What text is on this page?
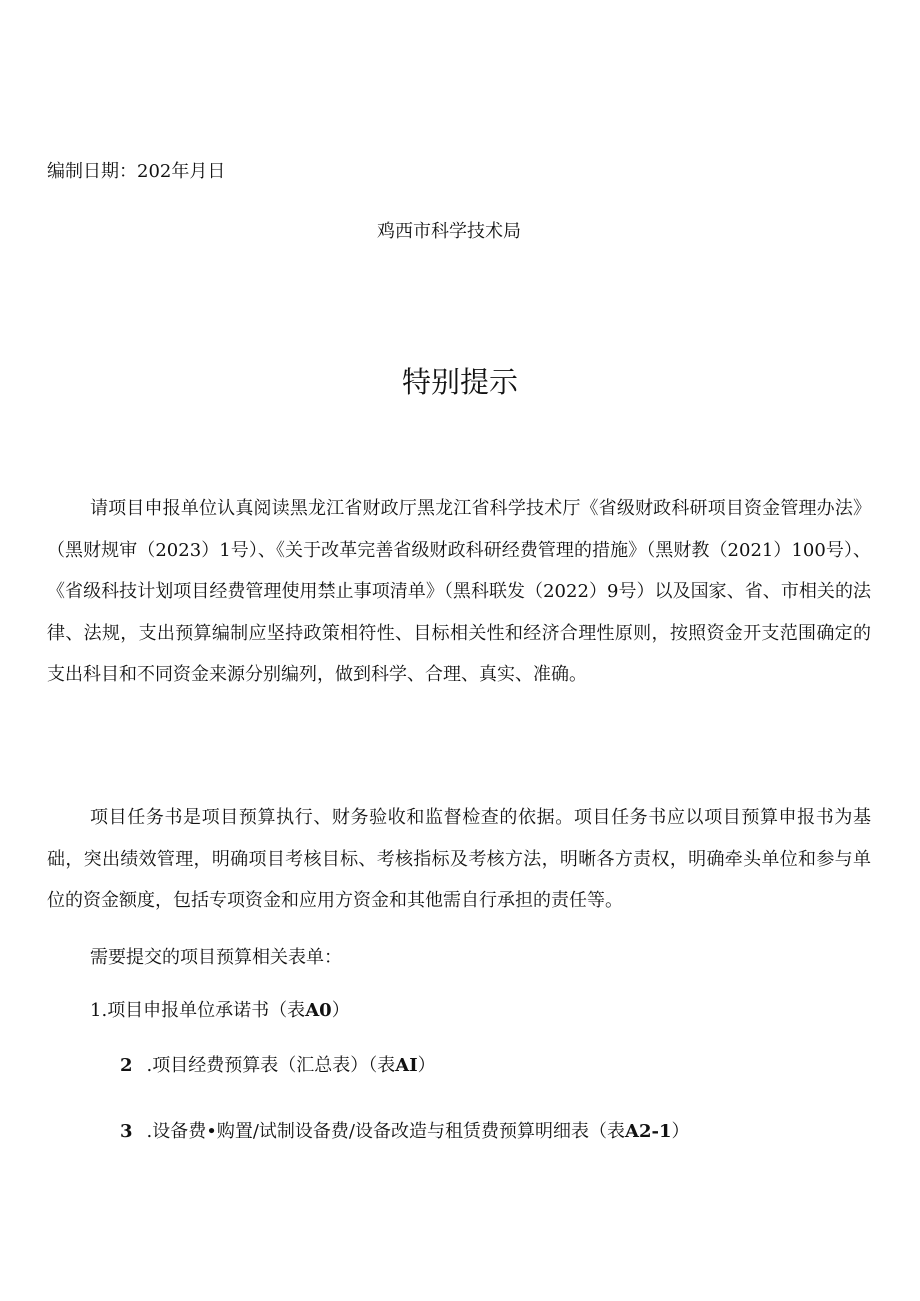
编制日期：202年月日
鸡西市科学技术局
特别提示

请项目申报单位认真阅读黑龙江省财政厅黑龙江省科学技术厅《省级财政科研项目资金管理办法》（黑财规审（2023）1号）、《关于改革完善省级财政科研经费管理的措施》（黑财教（2021）100号）、《省级科技计划项目经费管理使用禁止事项清单》（黑科联发（2022）9号）以及国家、省、市相关的法律、法规，支出预算编制应坚持政策相符性、目标相关性和经济合理性原则，按照资金开支范围确定的支出科目和不同资金来源分别编列，做到科学、合理、真实、准确。

项目任务书是项目预算执行、财务验收和监督检查的依据。项目任务书应以项目预算申报书为基础，突出绩效管理，明确项目考核目标、考核指标及考核方法，明晰各方责权，明确牵头单位和参与单位的资金额度，包括专项资金和应用方资金和其他需自行承担的责任等。

需要提交的项目预算相关表单：
1.项目申报单位承诺书（表A0）
2 .项目经费预算表（汇总表）（表AI）
3 .设备费•购置/试制设备费/设备改造与租赁费预算明细表（表A2-1）
